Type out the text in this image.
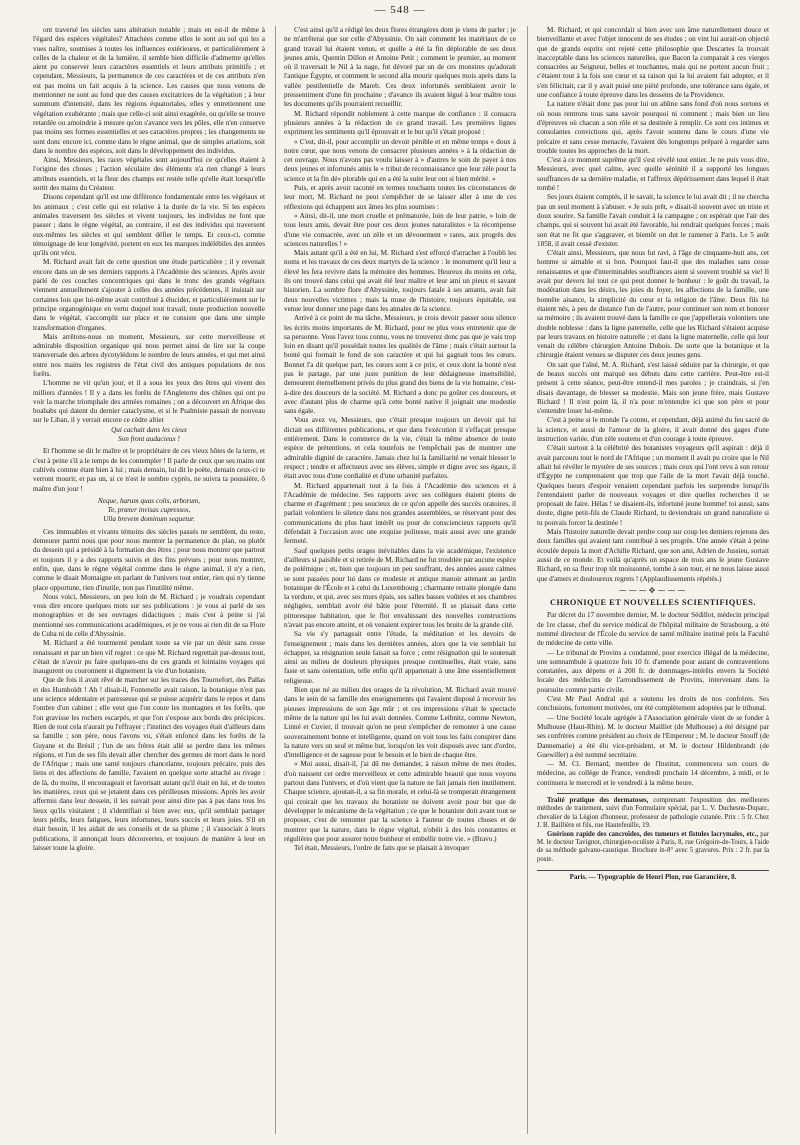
— 548 —

ont traversé les siècles sans altération notable ; mais en est-il de même à l'égard des espèces végétales? Attachées comme elles le sont au sol qui les a vues naître, soumises à toutes les influences extérieures, et particulièrement à celles de la chaleur et de la lumière, il semble bien difficile d'admettre qu'elles aient pu conserver leurs caractères essentiels et leurs attributs primitifs ; et cependant, Messieurs, la permanence de ces caractères et de ces attributs n'en est pas moins un fait acquis à la science. Les causes que nous venons de mentionner ne sont au fond que des causes excitatrices de la végétation ; à leur summum d'intensité, dans les régions équatoriales, elles y entretiennent une végétation exubérante ; mais que celle-ci soit ainsi exagérée, ou qu'elle se trouve retardée ou amoindrie à mesure qu'on s'avance vers les pôles, elle n'en conserve pas moins ses formes essentielles et ses caractères propres ; les changements ne sont donc encore ici, comme dans le règne animal, que de simples ariations, soit dans le nombre des espèces, soit dans le développement des individus.

Ainsi, Messieurs, les races végétales sont aujourd'hui ce qu'elles étaient à l'origine des choses ; l'action séculaire des éléments n'a rien changé à leurs attributs essentiels, et la fleur des champs est restée telle qu'elle était lorsqu'elle sortit des mains du Créateur.

Disons cependant qu'il est une différence fondamentale entre les végétaux et les animaux ; c'est celle qui est relative à la durée de la vie. Si les espèces animales traversent les siècles et vivent toujours, les individus ne font que passer ; dans le règne végétal, au contraire, il est des individus qui traversent eux-mêmes les siècles et qui semblent défier le temps. Et ceux-ci, comme témoignage de leur longévité, portent en eux les marques indélébiles des années qu'ils ont vécu.

M. Richard avait fait de cette question une étude particulière ; il y revenait encore dans un de ses derniers rapports à l'Académie des sciences. Après avoir parlé de ces couches concentriques qui dans le tronc des grands végétaux viennent annuellement s'ajouter à celles des années précédentes, il insistait sur certaines lois que lui-même avait contribué à élucider, et particulièrement sur le principe organogénique en vertu duquel tout travail, toute production nouvelle dans le végétal, s'accomplit sur place et ne consiste que dans une simple transformation d'organes.

Mais arrêtons-nous un moment, Messieurs, sur cette merveilleuse et admirable disposition organique qui nous permet ainsi de lire sur la coupe transversale des arbres dycotylédons le nombre de leurs années, et qui met ainsi entre nos mains les registres de l'état civil des antiques populations de nos forêts.

L'homme ne vit qu'un jour, et il a sous les yeux des êtres qui vivent des milliers d'années ! Il y a dans les forêts de l'Angleterre des chênes qui ont pu voir la marche triomphale des armées romaines ; on a découvert en Afrique des boababs qui datent du dernier cataclysme, et si le Psalmiste passait de nouveau sur le Liban, il y verrait encore ce cèdre altier

Qui cachait dans les cieux

Son front audacieux !

Et l'homme se dit le maître et le propriétaire de ces vieux hôtes de la terre, et c'est à peine s'il a le temps de les contempler ! Il parle de ceux que ses mains ont cultivés comme étant bien à lui ; mais demain, lui dit le poëte, demain ceux-ci te verront mourir, et pas un, si ce n'est le sombre cyprès, ne suivra ta poussière, ô maître d'un jour !

Neque, harum quas colis, arborum,

Te, præter invisas cupressos,

Ulla brevem dominum sequetur.

Ces immuables et vivants témoins des siècles passés ne semblent, du reste, demeurer parmi nous que pour nous montrer la permanence du plan, ou plutôt du dessein qui a présidé à la formation des êtres ; pour nous montrer que partout et toujours il y a des rapports suivis et des fins prévues ; pour nous montrer, enfin, que, dans le règne végétal comme dans le règne animal, il n'y a rien, comme le disait Montaigne en parlant de l'univers tout entier, rien qui n'y tienne place opportune, rien d'inutile, non pas l'inutilité même.

Nous voici, Messieurs, un peu loin de M. Richard ; je voudrais cependant vous dire encore quelques mots sur ses publications : je vous ai parlé de ses monographies et de ses ouvrages didactiques ; mais c'est à peine si j'ai mentionné ses communications académiques, et je ne vous ai rien dit de sa Flore de Cuba ni de celle d'Abyssinie.

M. Richard a été tourmenté pendant toute sa vie par un désir sans cesse renaissant et par un bien vif regret : ce que M. Richard regrettait par-dessus tout, c'était de n'avoir pu faire quelques-uns de ces grands et lointains voyages qui inaugurent ou couronnent si dignement la vie d'un botaniste.

Que de fois il avait rêvé de marcher sur les traces des Tournefort, des Pallas et des Humboldt ! Ah ! disait-il, Fontenelle avait raison, la botanique n'est pas une science sédentaire et paresseuse qui se puisse acquérir dans le repos et dans l'ombre d'un cabinet ; elle veut que l'on coure les montagnes et les forêts, que l'on gravisse les rochers escarpés, et que l'on s'expose aux bords des précipices. Rien de tout cela n'aurait pu l'effrayer ; l'instinct des voyages était d'ailleurs dans sa famille ; son père, nous l'avons vu, s'était enfoncé dans les forêts de la Guyane et du Brésil ; l'un de ses frères était allé se perdre dans les mêmes régions, et l'un de ses fils devait aller chercher des germes de mort dans le nord de l'Afrique ; mais une santé toujours chancelante, toujours précaire, puis des liens et des affections de famille, l'avaient en quelque sorte attaché au rivage : de là, du moins, il encourageait et favorisait autant qu'il était en lui, et de toutes les manières, ceux qui se jetaient dans ces périlleuses missions. Après les avoir affermis dans leur dessein, il les suivait pour ainsi dire pas à pas dans tous les lieux qu'ils visitaient ; il s'identifiait si bien avec eux, qu'il semblait partager leurs périls, leurs fatigues, leurs infortunes, leurs succès et leurs joies. S'il en était besoin, il les aidait de ses conseils et de sa plume ; il s'associait à leurs publications, il annonçait leurs découvertes, et toujours de manière à leur en laisser toute la gloire.

C'est ainsi qu'il a rédigé les deux flores étrangères dont je viens de parler ; je ne m'arrêterai que sur celle d'Abyssinie. On sait comment les matériaux de ce grand travail lui étaient venus, et quelle a été la fin déplorable de ses deux jeunes amis, Quentin Dillon et Antoine Petit ; comment le premier, au moment où il traversait le Nil à la nage, fut dévoré par un de ces monstres qu'adorait l'antique Égypte, et comment le second alla mourir quelques mois après dans la vallée pestilentielle de Mareb. Ces deux infortunés semblaient avoir le pressentiment d'une fin prochaine ; d'avance ils avaient légué à leur maître tous les documents qu'ils pourraient recueillir.

M. Richard répondit noblement à cette marque de confiance : il consacra plusieurs années à la rédaction de ce grand travail. Les premières lignes expriment les sentiments qu'il éprouvait et le but qu'il s'était proposé :

« C'est, dit-il, pour accomplir un devoir pénible et en même temps » doux à notre cœur, que nous venons de consacrer plusieurs années » à la rédaction de cet ouvrage. Nous n'avons pas voulu laisser à » d'autres le soin de payer à nos deux jeunes et infortunés amis le » tribut de reconnaissance que leur zèle pour la science et la fin dé» plorable qui en a été la suite leur ont si bien mérité. »

Puis, et après avoir raconté en termes touchants toutes les circonstances de leur mort, M. Richard ne peut s'empêcher de se laisser aller à une de ces réflexions qui échappent aux âmes les plus soumises :

« Ainsi, dit-il, une mort cruelle et prématurée, loin de leur patrie, » loin de tous leurs amis, devait être pour ces deux jeunes naturalistes » la récompense d'une vie consacrée, avec un zèle et un dévouement » rares, aux progrès des sciences naturelles ! »

Mais autant qu'il a été en lui, M. Richard s'est efforcé d'arracher à l'oubli les noms et les travaux de ces deux martyrs de la science : le monument qu'il leur a élevé les fera revivre dans la mémoire des hommes. Heureux du moins en cela, ils ont trouvé dans celui qui avait été leur maître et leur ami un pieux et savant historien. La sombre flore d'Abyssinie, toujours fatale à ses amants, avait fait deux nouvelles victimes ; mais la muse de l'histoire, toujours équitable, est venue leur donner une page dans les annales de la science.

Arrivé à ce point de ma tâche, Messieurs, je crois devoir passer sous silence les écrits moins importants de M. Richard, pour ne plus vous entretenir que de sa personne. Vous l'avez tous connu, vous ne trouverez donc pas que je vais trop loin en disant qu'il possédait toutes les qualités de l'âme ; mais c'était surtout la bonté qui formait le fond de son caractère et qui lui gagnait tous les cœurs. Bonnet l'a dit quelque part, les cœurs sont à ce prix, et ceux dont la bonté n'est pas le partage, par une juste punition de leur dédaigneuse insensibilité, demeurent éternellement privés du plus grand des biens de la vie humaine, c'est-à-dire des douceurs de la société. M. Richard a donc pu goûter ces douceurs, et avec d'autant plus de charme qu'à cette bonté native il joignait une modestie sans égale.

Vous avez vu, Messieurs, que c'était presque toujours un devoir qui lui dictait ses différentes publications, et que dans l'exécution il s'effaçait presque entièrement. Dans le commerce de la vie, c'était la même absence de toute espèce de prétentions, et cela toutefois ne l'empêchait pas de montrer une admirable dignité de caractère. Jamais chez lui la familiarité ne venait blesser le respect ; tendre et affectueux avec ses élèves, simple et digne avec ses égaux, il était avec tous d'une cordialité et d'une urbanité parfaites.

M. Richard appartenait tout à la fois à l'Académie des sciences et à l'Académie de médecine. Ses rapports avec ses collègues étaient pleins de charme et d'agrément ; peu soucieux de ce qu'on appelle des succès oratoires, il parlait volontiers le silence dans nos grandes assemblées, se réservant pour des communications du plus haut intérêt ou pour de consciencieux rapports qu'il défendait à l'occasion avec une exquise politesse, mais aussi avec une grande fermeté.

Sauf quelques petits orages inévitables dans la vie académique, l'existence d'ailleurs si paisible et si retirée de M. Richard ne fut troublée par aucune espèce de polémique ; et, bien que toujours un peu souffrant, des années assez calmes se sont passées pour lui dans ce modeste et antique manoir attenant au jardin botanique de l'École et à celui du Luxembourg ; charmante retraite plongée dans la verdure, et qui, avec ses murs épais, ses salles basses voûtées et ses chambres négligées, semblait avoir été bâtie pour l'éternité. Il se plaisait dans cette pittoresque habitation, que le flot envahissant des nouvelles constructions n'avait pas encore atteint, et où venaient expirer tous les bruits de la grande cité.

Sa vie s'y partageait entre l'étude, la méditation et les devoirs de l'enseignement ; mais dans les dernières années, alors que la vie semblait lui échapper, sa résignation seule faisait sa force ; cette résignation qui le soutenait ainsi au milieu de douleurs physiques presque continuelles, était vraie, sans faste et sans ostentation, telle enfin qu'il appartenait à une âme essentiellement religieuse.

Bien que né au milieu des orages de la révolution, M. Richard avait trouvé dans le sein de sa famille des enseignements qui l'avaient disposé à recevoir les pieuses impressions de son âge mûr ; et ces impressions s'était le spectacle même de la nature qui les lui avait données. Comme Leibnitz, comme Newton, Linné et Cuvier, il trouvait qu'on ne peut s'empêcher de remonter à une cause souverainement bonne et intelligente, quand on voit tous les faits conspirer dans la nature vers un seul et même but, lorsqu'on les voit disposés avec tant d'ordre, d'intelligence et de sagesse pour le besoin et le bien de chaque être.

« Moi aussi, disait-il, j'ai dû me demander, à raison même de mes études, d'où naissent cet ordre merveilleux et cette admirable beauté que nous voyons partout dans l'univers, et d'où vient que la nature ne fait jamais rien inutilement. Chaque science, ajoutait-il, a sa fin morale, et celui-là se tromperait étrangement qui croirait que les travaux du botaniste ne doivent avoir pour but que de développer le mécanisme de la végétation ; ce que le botaniste doit avant tout se proposer, c'est de remonter par la science à l'auteur de toutes choses et de montrer que la nature, dans le règne végétal, n'obéit à des lois constantes et régulières que pour assurer notre bonheur et embellir notre vie. » (Bravo.)

Tel était, Messieurs, l'ordre de faits que se plaisait à invoquer

M. Richard, et qui concordait si bien avec son âme naturellement douce et bienveillante et avec l'objet innocent de ses études ; on vint lui aurait-on objecté que de grands esprits ont rejeté cette philosophie que Descartes la trouvait inacceptable dans les sciences naturelles, que Bacon la comparait à ces vierges consacrées au Seigneur, belles et touchantes, mais qui ne portent aucun fruit ; c'étaient tout à la fois son cœur et sa raison qui la lui avaient fait adopter, et il s'en félicitait, car il y avait puisé une piété profonde, une tolérance sans égale, et une confiance à toute épreuve dans les desseins de la Providence.

La nature n'était donc pas pour lui un abîme sans fond d'où nous sortons et où nous rentrons tous sans savoir pourquoi ni comment ; mais bien un lieu d'épreuves où chacun a son rôle et sa destinée à remplir. Ce sont ces intimes et consolantes convictions qui, après l'avoir soutenu dans le cours d'une vie précaire et sans cesse menacée, l'avaient dès longtemps préparé à regarder sans trouble toutes les approches de la mort.

C'est à ce moment suprême qu'il s'est révélé tout entier. Je ne puis vous dire, Messieurs, avec quel calme, avec quelle sérénité il a supporté les longues souffrances de sa dernière maladie, et l'affreux dépérissement dans lequel il était tombé !

Ses jours étaient comptés, il le savait, la science le lui avait dit ; il ne chercha pas un seul moment à s'abuser. « Je suis prêt, » disait-il souvent avec un triste et doux sourire. Sa famille l'avait conduit à la campagne ; on espérait que l'air des champs, qui si souvent lui avait été favorable, lui rendrait quelques forces ; mais son état ne fit que s'aggraver, et bientôt on dut le ramener à Paris. Le 5 août 1858, il avait cessé d'exister.

C'était ainsi, Messieurs, que nous fut ravi, à l'âge de cinquante-huit ans, cet homme si aimable et si bon. Pourquoi faut-il que des maladies sans cesse renaissantes et que d'interminables souffrances aient si souvent troublé sa vie! Il avait pur devers lui tout ce qui peut donner le bonheur : le goût du travail, la modération dans les désirs, les joies du foyer, les affections de la famille, une honnête aisance, la simplicité du cœur et la religion de l'âme. Deux fils lui étaient nés, à peu de distance l'un de l'autre, pour continuer son nom et honorer sa mémoire ; ils avaient trouvé dans la famille ce que j'appellerais volontiers une double noblesse : dans la ligne paternelle, celle que les Richard s'étaient acquise par leurs travaux en histoire naturelle ; et dans la ligne maternelle, celle qui leur venait du célèbre chirurgien Antoine Dubois. De sorte que la botanique et la chirurgie étaient venues se disputer ces deux jeunes gens.

On sait que l'aîné, M. A. Richard, s'est laissé séduire par la chirurgie, et que de beaux succès ont marqué ses débuts dans cette carrière. Peut-être est-il présent à cette séance, peut-être entend-il mes paroles ; je craindrais, si j'en disais davantage, de blesser sa modestie. Mais son jeune frère, mais Gustave Richard ! Il n'est point là, il n'a pour m'entendre ici que son père et pour s'entendre louer lui-même.

C'est à peine si le monde l'a connu, et cependant, déjà animé du feu sacré de la science, et aussi de l'amour de la gloire, il avait donné des gages d'une instruction variée, d'un zèle soutenu et d'un courage à toute épreuve.

C'était surtout à la célébrité des botanistes voyageurs qu'il aspirait : déjà il avait parcouru tout le nord de l'Afrique ; un moment il avait pu croire que le Nil allait lui révéler le mystère de ses sources ; mais ceux qui l'ont revu à son retour d'Égypte ne comprenaient que trop que l'aile de la mort l'avait déjà touché. Quelques lueurs d'espoir venaient cependant parfois les surprendre lorsqu'ils l'entendaient parler de nouveaux voyages et dire quelles recherches il se proposait de faire. Hélas ! se disaient-ils, infortuné jeune homme! toi aussi, sans doute, digne petit-fils de Claude Richard, tu deviendrais un grand naturaliste si tu pouvais forcer la destinée !

Mais l'histoire naturelle devait perdre coup sur coup les derniers rejetons des deux familles qui avaient tant contribué à ses progrès. Une année s'était à peine écoulée depuis la mort d'Achille Richard, que son ami, Adrien de Jussieu, sortait aussi de ce monde. Et voilà qu'après un espace de trois ans le jeune Gustave Richard, en sa fleur trop tôt moissonné, tombe à son tour, et ne nous laisse aussi que d'amers et douloureux regrets ! (Applaudissements répétés.)

⁓⁓⁓✥⁓⁓⁓
CHRONIQUE ET NOUVELLES SCIENTIFIQUES.

Par décret du 17 novembre dernier, M. le docteur Sédillot, médecin principal de 1re classe, chef du service médical de l'hôpital militaire de Strasbourg, a été nommé directeur de l'École du service de santé militaire institué près la Faculté de médecine de cette ville.

— Le tribunal de Provins a condamné, pour exercice illégal de la médecine, une somnambule à quatorze fois 10 fr. d'amende pour autant de contraventions constatées, aux dépens et à 200 fr. de dommages-intérêts envers la Société locale des médecins de l'arrondissement de Provins, intervenant dans la poursuite comme partie civile.

C'est Mr Paul Andral qui a soutenu les droits de nos confrères. Ses conclusions, fortement motivées, ont été complètement adoptées par le tribunal.

— Une Société locale agrégée à l'Association générale vient de se fonder à Mulhouse (Haut-Rhin). M. le docteur Mailliet (de Mulhouse) a été désigné par ses confrères comme président au choix de l'Empereur ; M. le docteur Stouff (de Dannemarie) a été élu vice-président, et M. le docteur Hildenbrandt (de Guewiller) a été nommé secrétaire.

— M. Cl. Bernard, membre de l'Institut, commencera son cours de médecine, au collège de France, vendredi prochain 14 décembre, à midi, et le continuera le mercredi et le vendredi à la même heure.

Traité pratique des dermatoses, comprenant l'exposition des meilleures méthodes de traitement, suivi d'un Formulaire spécial, par L. V. Duchesne-Duparc, chevalier de la Légion d'honneur, professeur de pathologie cutanée. Prix : 5 fr. Chez J. B. Baillière et fils, rue Hautefeuille, 19.

Guérison rapide des cancroïdes, des tumeurs et fistules lacrymales, etc., par M. le docteur Tavignot, chirurgien-oculiste à Paris, 8, rue Grégoire-de-Tours, à l'aide de sa méthode galvano-caustique. Brochure in-8° avec 5 gravures. Prix : 2 fr. par la poste.

Paris. — Typographie de Henri Plon, rue Garancière, 8.
